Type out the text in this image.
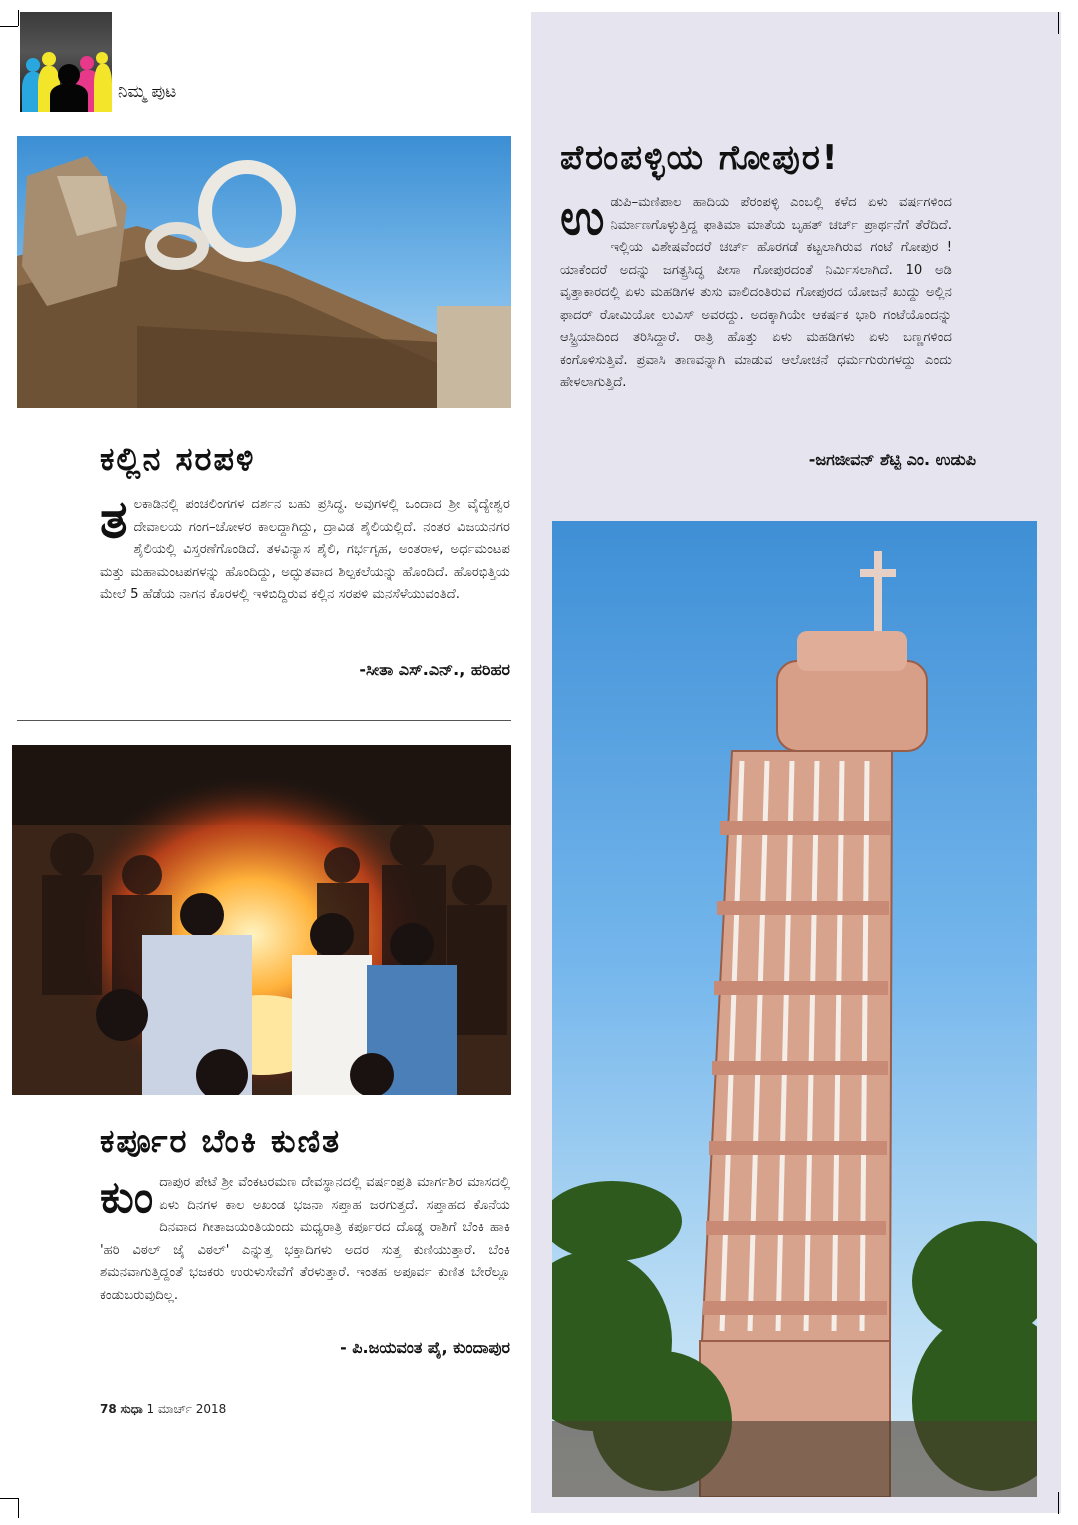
ನಿಮ್ಮ ಪುಟ
ಕಲ್ಲಿನ ಸರಪಳಿ
ತ ಲಕಾಡಿನಲ್ಲಿ ಪಂಚಲಿಂಗಗಳ ದರ್ಶನ ಬಹು ಪ್ರಸಿದ್ಧ. ಅವುಗಳಲ್ಲಿ ಒಂದಾದ ಶ್ರೀ ವೈದ್ಯೇಶ್ವರ ದೇವಾಲಯ ಗಂಗ–ಚೋಳರ ಕಾಲದ್ದಾಗಿದ್ದು, ದ್ರಾವಿಡ ಶೈಲಿಯಲ್ಲಿದೆ. ನಂತರ ವಿಜಯನಗರ ಶೈಲಿಯಲ್ಲಿ ವಿಸ್ತರಣೆಗೊಂಡಿದೆ. ತಳವಿನ್ಯಾಸ ಶೈಲಿ, ಗರ್ಭಗೃಹ, ಅಂತರಾಳ, ಅರ್ಧಮಂಟಪ ಮತ್ತು ಮಹಾಮಂಟಪಗಳನ್ನು ಹೊಂದಿದ್ದು, ಅದ್ಭುತವಾದ ಶಿಲ್ಪಕಲೆಯನ್ನು ಹೊಂದಿದೆ. ಹೊರಭಿತ್ತಿಯ ಮೇಲೆ 5 ಹೆಡೆಯ ನಾಗನ ಕೊರಳಲ್ಲಿ ಇಳಿಬಿದ್ದಿರುವ ಕಲ್ಲಿನ ಸರಪಳಿ ಮನಸೆಳೆಯುವಂತಿದೆ.
-ಸೀತಾ ಎಸ್.ಎನ್., ಹರಿಹರ
ಕರ್ಪೂರ ಬೆಂಕಿ ಕುಣಿತ
ಕುಂ ದಾಪುರ ಪೇಟೆ ಶ್ರೀ ವೆಂಕಟರಮಣ ದೇವಸ್ಥಾನದಲ್ಲಿ ವರ್ಷಂಪ್ರತಿ ಮಾರ್ಗಶಿರ ಮಾಸದಲ್ಲಿ ಏಳು ದಿನಗಳ ಕಾಲ ಅಖಂಡ ಭಜನಾ ಸಪ್ತಾಹ ಜರಗುತ್ತದೆ. ಸಪ್ತಾಹದ ಕೊನೆಯ ದಿನವಾದ ಗೀತಾಜಯಂತಿಯಂದು ಮಧ್ಯರಾತ್ರಿ ಕರ್ಪೂರದ ದೊಡ್ಡ ರಾಶಿಗೆ ಬೆಂಕಿ ಹಾಕಿ 'ಹರಿ ವಿಠಲ್ ಜೈ ವಿಠಲ್' ಎನ್ನುತ್ತ ಭಕ್ತಾದಿಗಳು ಅದರ ಸುತ್ತ ಕುಣಿಯುತ್ತಾರೆ. ಬೆಂಕಿ ಶಮನವಾಗುತ್ತಿದ್ದಂತೆ ಭಜಕರು ಉರುಳುಸೇವೆಗೆ ತೆರಳುತ್ತಾರೆ. ಇಂತಹ ಅಪೂರ್ವ ಕುಣಿತ ಬೇರೆಲ್ಲೂ ಕಂಡುಬರುವುದಿಲ್ಲ.
- ಪಿ.ಜಯವಂತ ಪೈ, ಕುಂದಾಪುರ
ಪೆರಂಪಳ್ಳಿಯ ಗೋಪುರ!
ಉ ಡುಪಿ–ಮಣಿಪಾಲ ಹಾದಿಯ ಪೆರಂಪಳ್ಳಿ ಎಂಬಲ್ಲಿ ಕಳೆದ ಏಳು ವರ್ಷಗಳಿಂದ ನಿರ್ಮಾಣಗೊಳ್ಳುತ್ತಿದ್ದ ಫಾತಿಮಾ ಮಾತೆಯ ಬೃಹತ್ ಚರ್ಚ್ ಪ್ರಾರ್ಥನೆಗೆ ತೆರೆದಿದೆ. ಇಲ್ಲಿಯ ವಿಶೇಷವೆಂದರೆ ಚರ್ಚ್ ಹೊರಗಡೆ ಕಟ್ಟಲಾಗಿರುವ ಗಂಟೆ ಗೋಪುರ ! ಯಾಕೆಂದರೆ ಅದನ್ನು ಜಗತ್ಪ್ರಸಿದ್ಧ ಪೀಸಾ ಗೋಪುರದಂತೆ ನಿರ್ಮಿಸಲಾಗಿದೆ. 10 ಅಡಿ ವೃತ್ತಾಕಾರದಲ್ಲಿ ಏಳು ಮಹಡಿಗಳ ತುಸು ವಾಲಿದಂತಿರುವ ಗೋಪುರದ ಯೋಜನೆ ಖುದ್ದು ಅಲ್ಲಿನ ಫಾದರ್ ರೋಮಿಯೋ ಲುವಿಸ್ ಅವರದ್ದು. ಅದಕ್ಕಾಗಿಯೇ ಆಕರ್ಷಕ ಭಾರಿ ಗಂಟೆಯೊಂದನ್ನು ಆಸ್ಟ್ರಿಯಾದಿಂದ ತರಿಸಿದ್ದಾರೆ. ರಾತ್ರಿ ಹೊತ್ತು ಏಳು ಮಹಡಿಗಳು ಏಳು ಬಣ್ಣಗಳಿಂದ ಕಂಗೊಳಿಸುತ್ತಿವೆ. ಪ್ರವಾಸಿ ತಾಣವನ್ನಾಗಿ ಮಾಡುವ ಆಲೋಚನೆ ಧರ್ಮಗುರುಗಳದ್ದು ಎಂದು ಹೇಳಲಾಗುತ್ತಿದೆ.
-ಜಗಜೀವನ್ ಶೆಟ್ಟಿ ಎಂ. ಉಡುಪಿ
78 ಸುಧಾ 1 ಮಾರ್ಚ್ 2018
